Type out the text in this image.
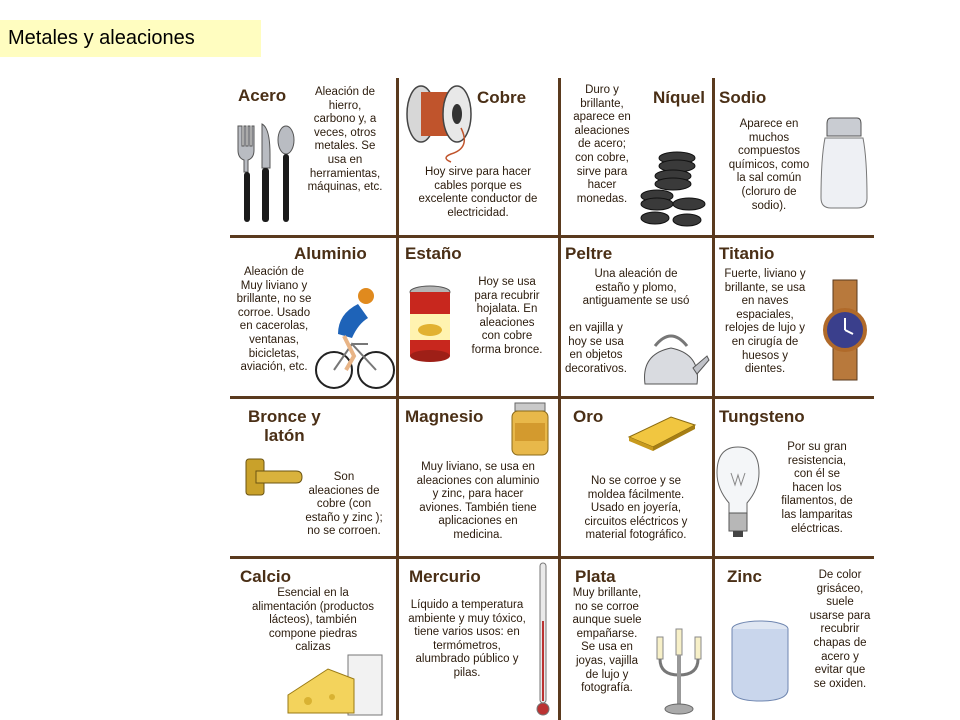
Metales y aleaciones
Acero	Aleación de
hierro,
carbono y, a
veces, otros
metales. Se
usa en
herramientas,
máquinas, etc.
Cobre
Hoy sirve para hacer
cables porque es
excelente conductor de
electricidad.
Duro y
brillante,
aparece en
aleaciones
de acero;
con cobre,
sirve para
hacer
monedas.
Níquel Sodio
Aparece en
muchos
compuestos
químicos, como
la sal común
(cloruro de
sodio).
Aluminio
Aleación de
Muy liviano y
brillante, no se
corroe. Usado
en cacerolas,
ventanas,
bicicletas,
aviación, etc.
Estaño
Hoy se usa
para recubrir
hojalata. En
aleaciones
con cobre
forma bronce.
Peltre
Una aleación de
estaño y plomo,
antiguamente se usó
en vajilla y
hoy se usa
en objetos
decorativos.
Titanio
Fuerte, liviano y
brillante, se usa
en naves
espaciales,
relojes de lujo y
en cirugía de
huesos y
dientes.
Bronce y
latón
Son
aleaciones de
cobre (con
estaño y zinc );
no se corroen.
Magnesio
Muy liviano, se usa en
aleaciones con aluminio
y zinc, para hacer
aviones. También tiene
aplicaciones en
medicina.
Oro
No se corroe y se
moldea fácilmente.
Usado en joyería,
circuitos eléctricos y
material fotográfico.
Tungsteno
Por su gran
resistencia,
con él se
hacen los
filamentos, de
las lamparitas
eléctricas.
Calcio
Esencial en la
alimentación (productos
lácteos), también
compone piedras
calizas
Mercurio
Líquido a temperatura
ambiente y muy tóxico,
tiene varios usos: en
termómetros,
alumbrado público y
pilas.
Plata
Muy brillante,
no se corroe
aunque suele
empañarse.
Se usa en
joyas, vajilla
de lujo y
fotografía.
Zinc	De color
grisáceo,
suele
usarse para
recubrir
chapas de
acero y
evitar que
se oxiden.
